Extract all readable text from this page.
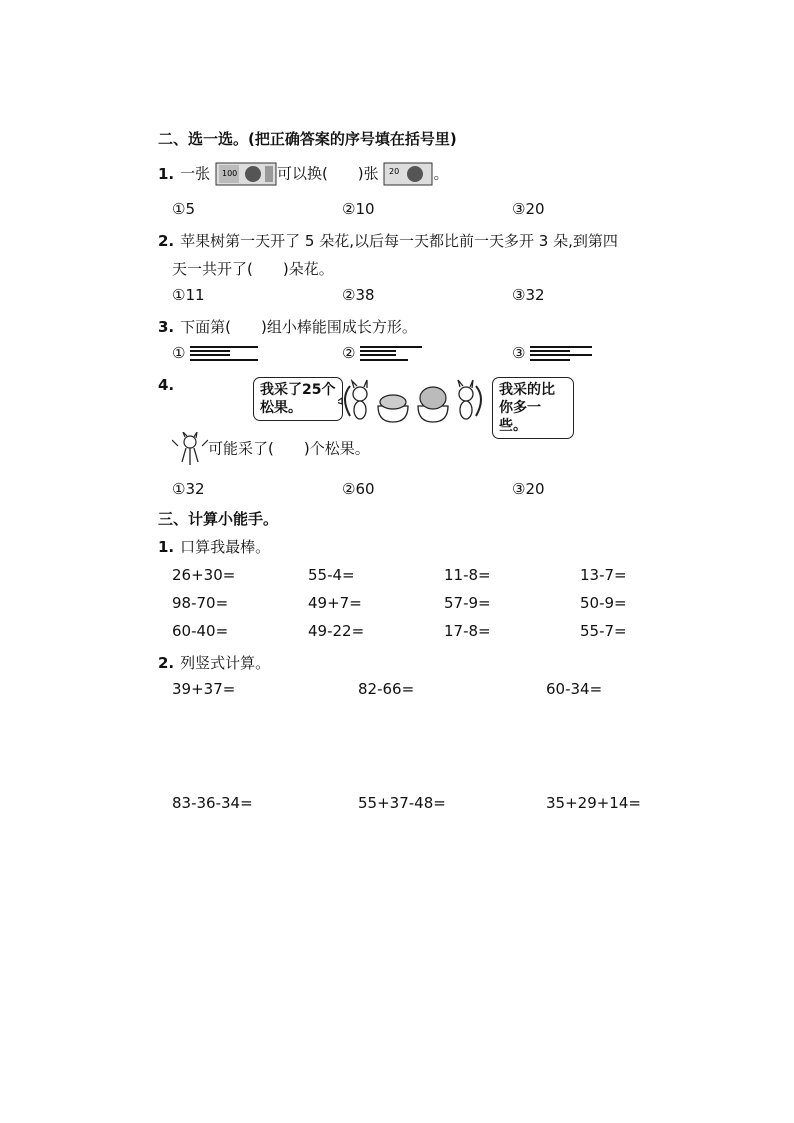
二、选一选。(把正确答案的序号填在括号里)
1. 一张 100	可以换( )张 20 。
①5	②10	③20
2. 苹果树第一天开了 5 朵花,以后每一天都比前一天多开 3 朵,到第四
天一共开了( )朵花。
①11	②38	③32
3. 下面第( )组小棒能围成长方形。
①	②	③
4.	我采了25个松果。
我采的比你多一些。
可能采了( )个松果。
①32	②60	③20
三、计算小能手。
1. 口算我最棒。
26+30=	55-4=	11-8=	13-7=
98-70=	49+7=	57-9=	50-9=
60-40=	49-22=	17-8=	55-7=
2. 列竖式计算。
39+37=	82-66=	60-34=
83-36-34=	55+37-48=	35+29+14=
